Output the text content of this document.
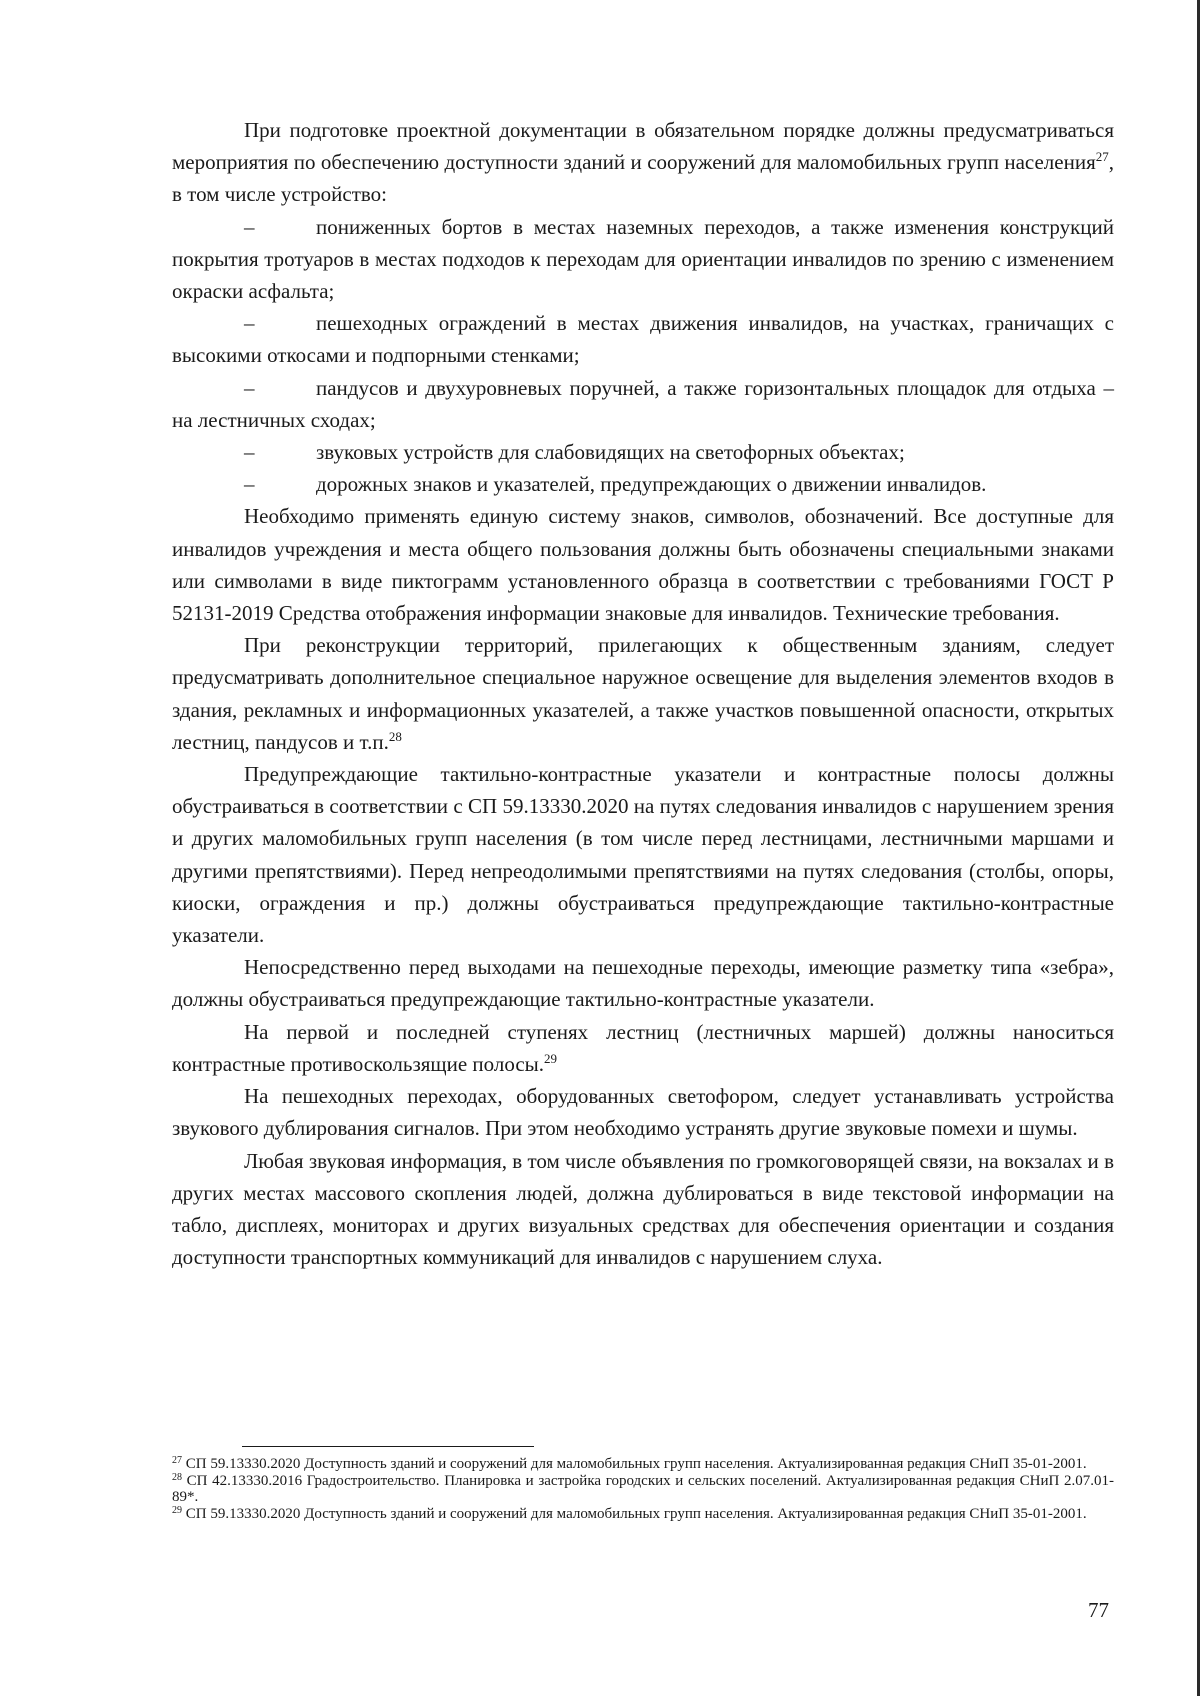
При подготовке проектной документации в обязательном порядке должны предусматриваться мероприятия по обеспечению доступности зданий и сооружений для маломобильных групп населения$^{27}$, в том числе устройство:

–	пониженных бортов в местах наземных переходов, а также изменения конструкций покрытия тротуаров в местах подходов к переходам для ориентации инвалидов по зрению с изменением окраски асфальта;

–	пешеходных ограждений в местах движения инвалидов, на участках, граничащих с высокими откосами и подпорными стенками;

–	пандусов и двухуровневых поручней, а также горизонтальных площадок для отдыха – на лестничных сходах;

–	звуковых устройств для слабовидящих на светофорных объектах;

–	дорожных знаков и указателей, предупреждающих о движении инвалидов.

Необходимо применять единую систему знаков, символов, обозначений. Все доступные для инвалидов учреждения и места общего пользования должны быть обозначены специальными знаками или символами в виде пиктограмм установленного образца в соответствии с требованиями ГОСТ Р 52131-2019 Средства отображения информации знаковые для инвалидов. Технические требования.

При реконструкции территорий, прилегающих к общественным зданиям, следует предусматривать дополнительное специальное наружное освещение для выделения элементов входов в здания, рекламных и информационных указателей, а также участков повышенной опасности, открытых лестниц, пандусов и т.п.$^{28}$

Предупреждающие тактильно-контрастные указатели и контрастные полосы должны обустраиваться в соответствии с СП 59.13330.2020 на путях следования инвалидов с нарушением зрения и других маломобильных групп населения (в том числе перед лестницами, лестничными маршами и другими препятствиями). Перед непреодолимыми препятствиями на путях следования (столбы, опоры, киоски, ограждения и пр.) должны обустраиваться предупреждающие тактильно-контрастные указатели.

Непосредственно перед выходами на пешеходные переходы, имеющие разметку типа «зебра», должны обустраиваться предупреждающие тактильно-контрастные указатели.

На первой и последней ступенях лестниц (лестничных маршей) должны наноситься контрастные противоскользящие полосы.$^{29}$

На пешеходных переходах, оборудованных светофором, следует устанавливать устройства звукового дублирования сигналов. При этом необходимо устранять другие звуковые помехи и шумы.

Любая звуковая информация, в том числе объявления по громкоговорящей связи, на вокзалах и в других местах массового скопления людей, должна дублироваться в виде текстовой информации на табло, дисплеях, мониторах и других визуальных средствах для обеспечения ориентации и создания доступности транспортных коммуникаций для инвалидов с нарушением слуха.

$^{27}$ СП 59.13330.2020 Доступность зданий и сооружений для маломобильных групп населения. Актуализированная редакция СНиП 35-01-2001.

$^{28}$ СП 42.13330.2016 Градостроительство. Планировка и застройка городских и сельских поселений. Актуализированная редакция СНиП 2.07.01-89*.

$^{29}$ СП 59.13330.2020 Доступность зданий и сооружений для маломобильных групп населения. Актуализированная редакция СНиП 35-01-2001.

77
